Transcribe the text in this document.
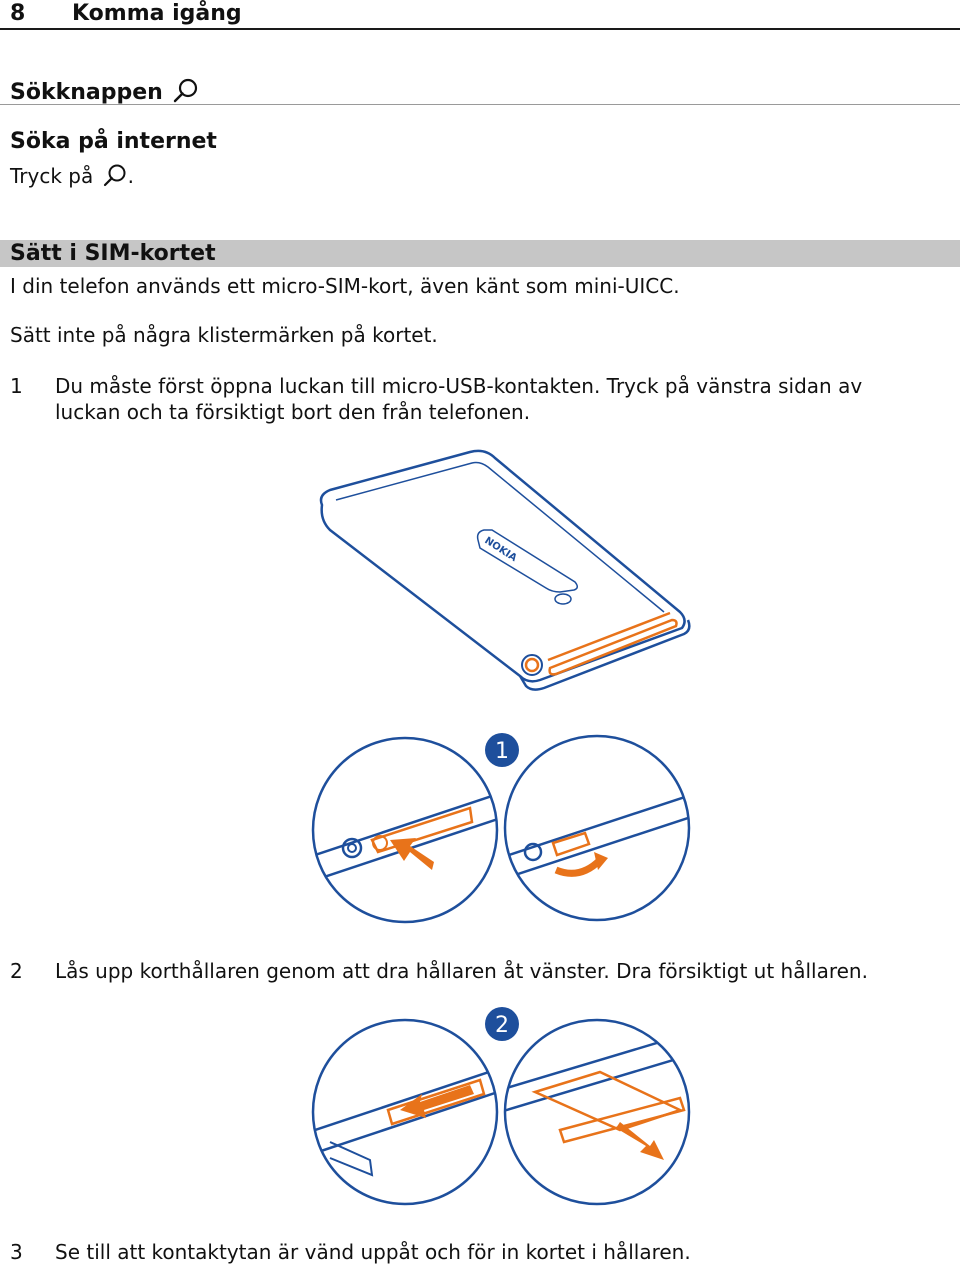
8 Komma igång
Sökknappen
Söka på internet
Tryck på .
Sätt i SIM-kortet
I din telefon används ett micro-SIM-kort, även känt som mini-UICC.
Sätt inte på några klistermärken på kortet.
1 Du måste först öppna luckan till micro-USB-kontakten. Tryck på vänstra sidan av
luckan och ta försiktigt bort den från telefonen.
NOKIA
1
2 Lås upp korthållaren genom att dra hållaren åt vänster. Dra försiktigt ut hållaren.
2
3 Se till att kontaktytan är vänd uppåt och för in kortet i hållaren.
